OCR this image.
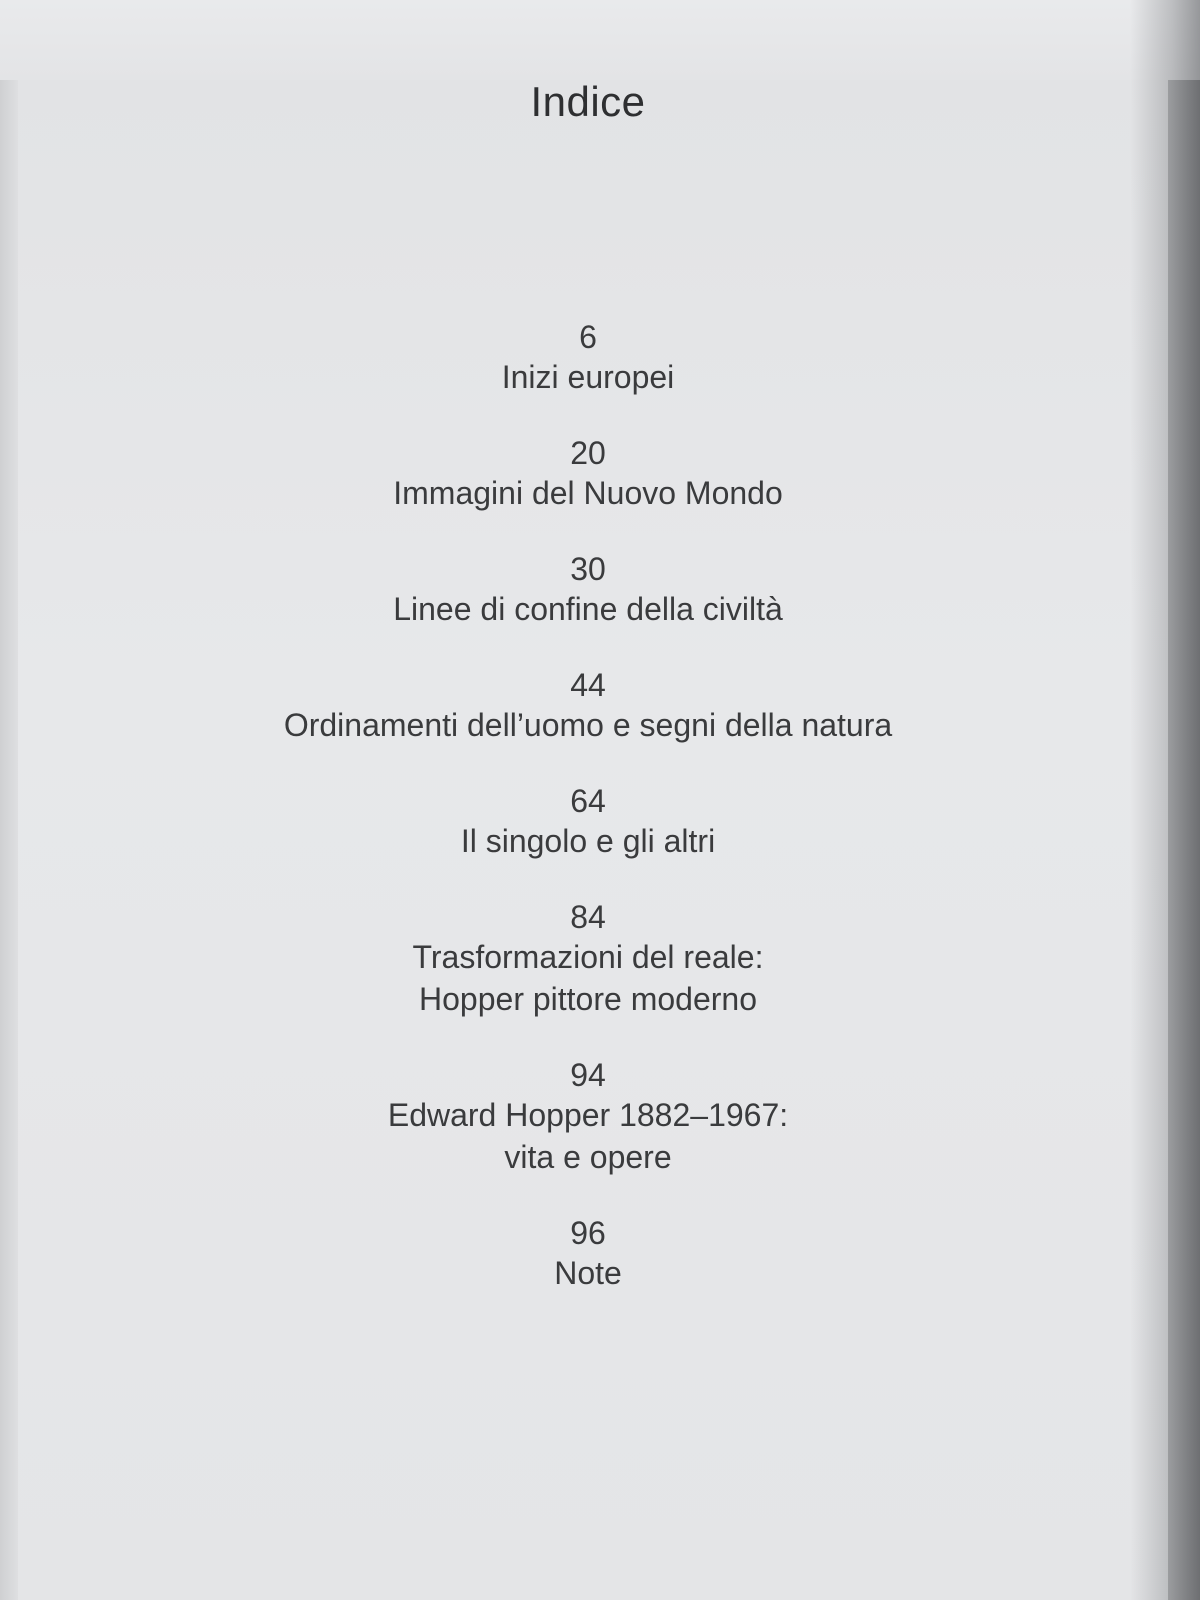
Indice
6
Inizi europei
20
Immagini del Nuovo Mondo
30
Linee di confine della civiltà
44
Ordinamenti dell’uomo e segni della natura
64
Il singolo e gli altri
84
Trasformazioni del reale:
Hopper pittore moderno
94
Edward Hopper 1882–1967:
vita e opere
96
Note
